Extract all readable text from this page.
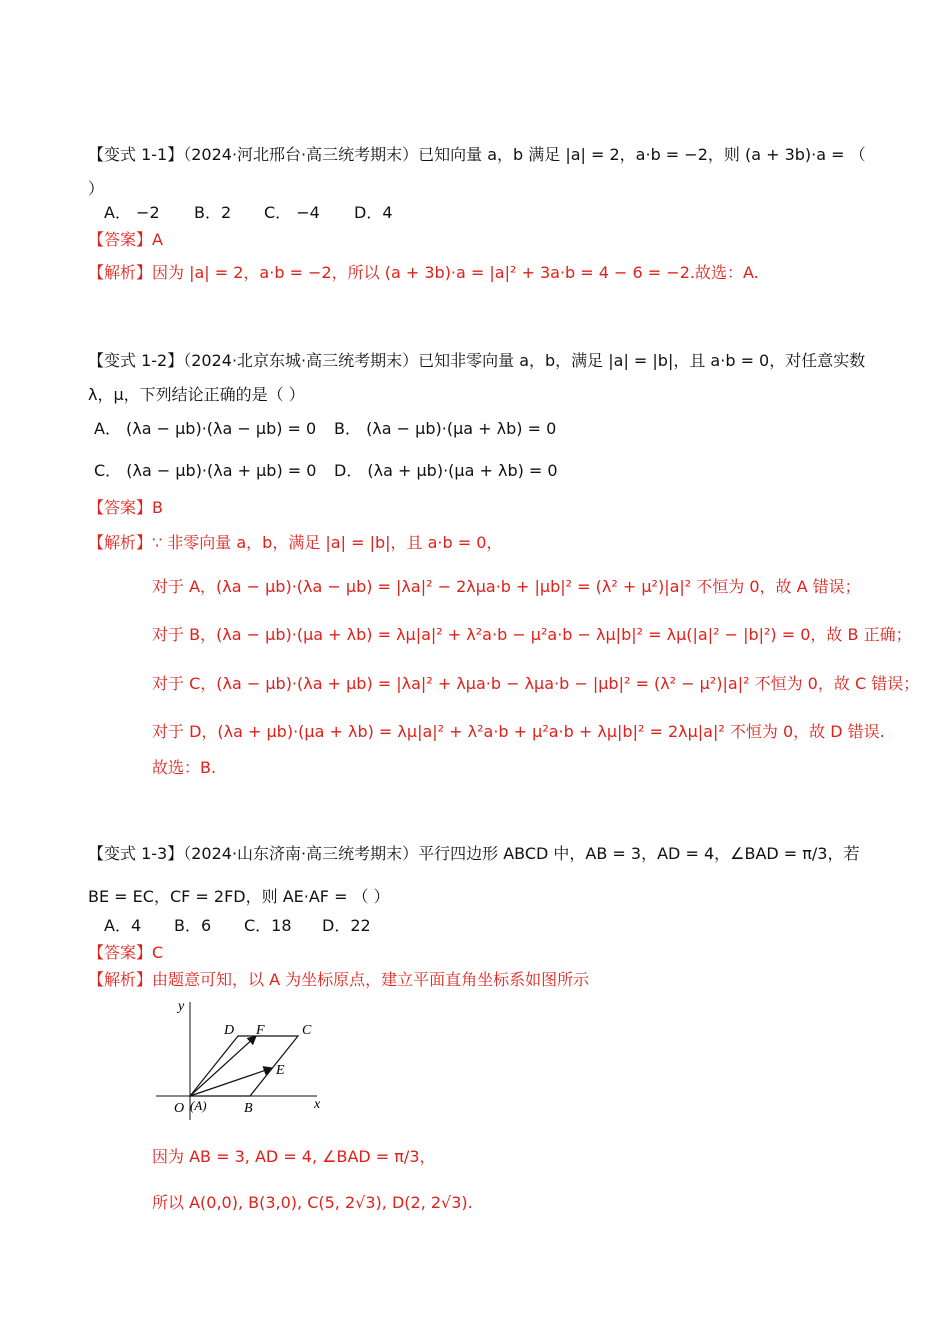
【变式 1-1】（2024·河北邢台·高三统考期末）已知向量 a，b 满足 |a| = 2，a·b = −2，则 (a + 3b)·a = （
）
A． −2 B．2 C． −4 D．4
【答案】A
【解析】因为 |a| = 2，a·b = −2，所以 (a + 3b)·a = |a|² + 3a·b = 4 − 6 = −2.故选：A.
【变式 1-2】（2024·北京东城·高三统考期末）已知非零向量 a，b，满足 |a| = |b|，且 a·b = 0，对任意实数
λ，μ，下列结论正确的是（ ）
A． (λa − μb)·(λa − μb) = 0 B． (λa − μb)·(μa + λb) = 0
C． (λa − μb)·(λa + μb) = 0 D． (λa + μb)·(μa + λb) = 0
【答案】B
【解析】∵ 非零向量 a，b，满足 |a| = |b|，且 a·b = 0，
对于 A，(λa − μb)·(λa − μb) = |λa|² − 2λμa·b + |μb|² = (λ² + μ²)|a|² 不恒为 0，故 A 错误；
对于 B，(λa − μb)·(μa + λb) = λμ|a|² + λ²a·b − μ²a·b − λμ|b|² = λμ(|a|² − |b|²) = 0，故 B 正确；
对于 C，(λa − μb)·(λa + μb) = |λa|² + λμa·b − λμa·b − |μb|² = (λ² − μ²)|a|² 不恒为 0，故 C 错误；
对于 D，(λa + μb)·(μa + λb) = λμ|a|² + λ²a·b + μ²a·b + λμ|b|² = 2λμ|a|² 不恒为 0，故 D 错误.
故选：B.
【变式 1-3】（2024·山东济南·高三统考期末）平行四边形 ABCD 中，AB = 3，AD = 4，∠BAD = π/3，若
BE = EC，CF = 2FD，则 AE·AF = （ ）
A．4 B．6 C．18 D．22
【答案】C
【解析】由题意可知，以 A 为坐标原点，建立平面直角坐标系如图所示
y
D F	C
E
O (A)	B	x
因为 AB = 3, AD = 4, ∠BAD = π/3，
所以 A(0,0), B(3,0), C(5, 2√3), D(2, 2√3).
